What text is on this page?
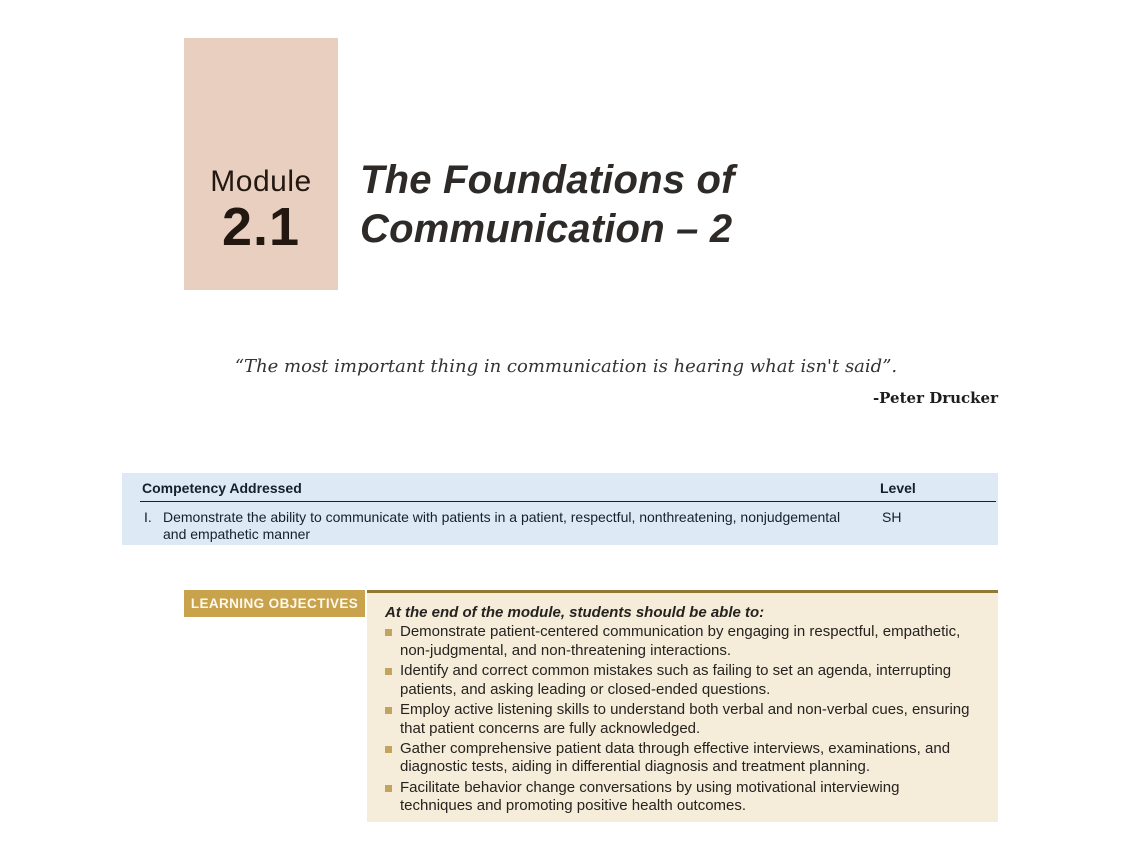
Module
2.1
The Foundations of
Communication – 2
“The most important thing in communication is hearing what isn't said”.
-Peter Drucker
Competency Addressed	Level
I. Demonstrate the ability to communicate with patients in a patient, respectful, nonthreatening, nonjudgemental and empathetic manner
SH
LEARNING OBJECTIVES
At the end of the module, students should be able to:
Demonstrate patient-centered communication by engaging in respectful, empathetic, non-judgmental, and non-threatening interactions.
Identify and correct common mistakes such as failing to set an agenda, interrupting patients, and asking leading or closed-ended questions.
Employ active listening skills to understand both verbal and non-verbal cues, ensuring that patient concerns are fully acknowledged.
Gather comprehensive patient data through effective interviews, examinations, and diagnostic tests, aiding in differential diagnosis and treatment planning.
Facilitate behavior change conversations by using motivational interviewing techniques and promoting positive health outcomes.
